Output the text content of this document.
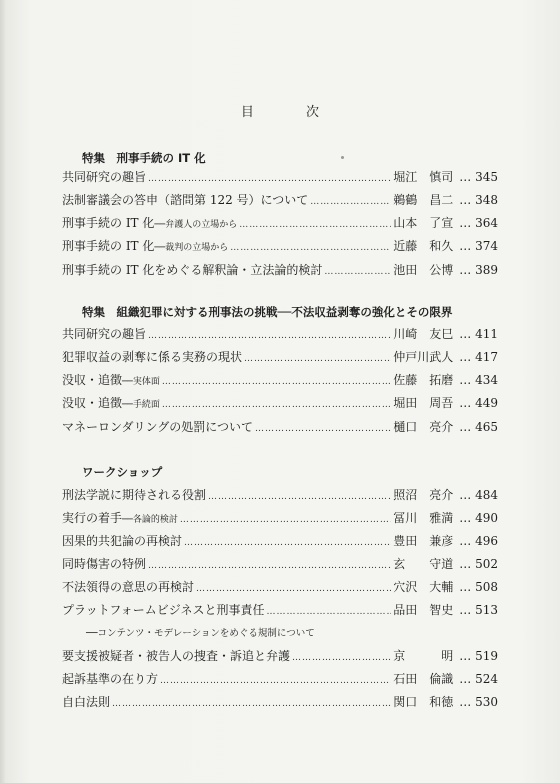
目 次
特集　刑事手続の IT 化
共同研究の趣旨 ……………………………………………………………………………………………………………	堀江　慎司 … 345
法制審議会の答申（諮問第 122 号）について ……………………………………………………………………………………………………………	鵜鶴　昌二 … 348
刑事手続の IT 化 ──弁護人の立場から ……………………………………………………………………………………………………………	山本　了宣 … 364
刑事手続の IT 化 ──裁判の立場から ……………………………………………………………………………………………………………	近藤　和久 … 374
刑事手続の IT 化をめぐる解釈論・立法論的検討 ……………………………………………………………………………………………………………	池田　公博 … 389
特集　組織犯罪に対する刑事法の挑戦──不法収益剥奪の強化とその限界
共同研究の趣旨 ……………………………………………………………………………………………………………	川崎　友巳 … 411
犯罪収益の剥奪に係る実務の現状 ……………………………………………………………………………………………………………	仲戸川武人 … 417
没収・追徴 ──実体面 ……………………………………………………………………………………………………………	佐藤　拓磨 … 434
没収・追徴 ──手続面 ……………………………………………………………………………………………………………	堀田　周吾 … 449
マネーロンダリングの処罰について ……………………………………………………………………………………………………………	樋口　亮介 … 465
ワークショップ
刑法学説に期待される役割 ……………………………………………………………………………………………………………	照沼　亮介 … 484
実行の着手 ──各論的検討 ……………………………………………………………………………………………………………	冨川　雅満 … 490
因果的共犯論の再検討 ……………………………………………………………………………………………………………	豊田　兼彦 … 496
同時傷害の特例 ……………………………………………………………………………………………………………	玄　　守道 … 502
不法領得の意思の再検討 ……………………………………………………………………………………………………………	穴沢　大輔 … 508
プラットフォームビジネスと刑事責任 ……………………………………………………………………………………………………………	品田　智史 … 513
──コンテンツ・モデレーションをめぐる規制について
要支援被疑者・被告人の捜査・訴追と弁護 ……………………………………………………………………………………………………………	京　　　明 … 519
起訴基準の在り方 ……………………………………………………………………………………………………………	石田　倫識 … 524
自白法則 ……………………………………………………………………………………………………………	関口　和徳 … 530
